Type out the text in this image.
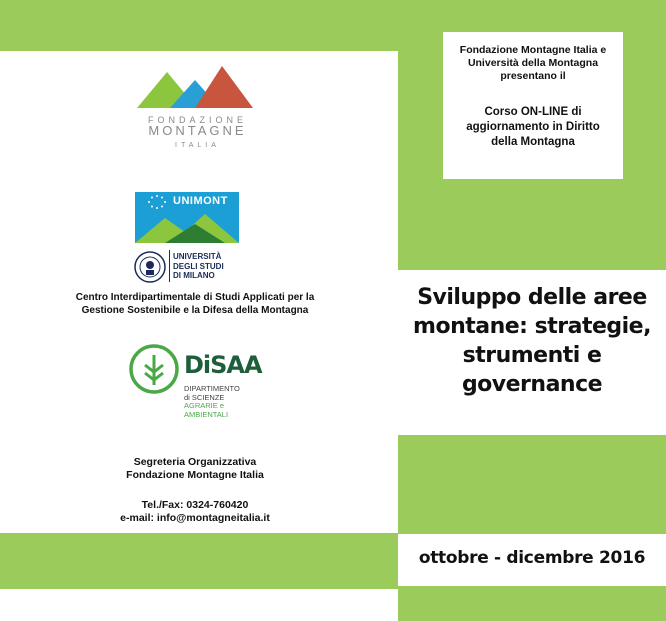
Fondazione Montagne Italia e
Università della Montagna
presentano il
Corso ON-LINE di
aggiornamento in Diritto
della Montagna
Sviluppo delle aree
montane: strategie,
strumenti e
governance
ottobre - dicembre 2016
FONDAZIONE
MONTAGNE
ITALIA
UNIMONT
UNIVERSITÀ
DEGLI STUDI
DI MILANO
Centro Interdipartimentale di Studi Applicati per la
Gestione Sostenibile e la Difesa della Montagna
DiSAA
DIPARTIMENTO
di SCIENZE
AGRARIE e
AMBIENTALI
Segreteria Organizzativa
Fondazione Montagne Italia
Tel./Fax: 0324-760420
e-mail: info@montagneitalia.it
